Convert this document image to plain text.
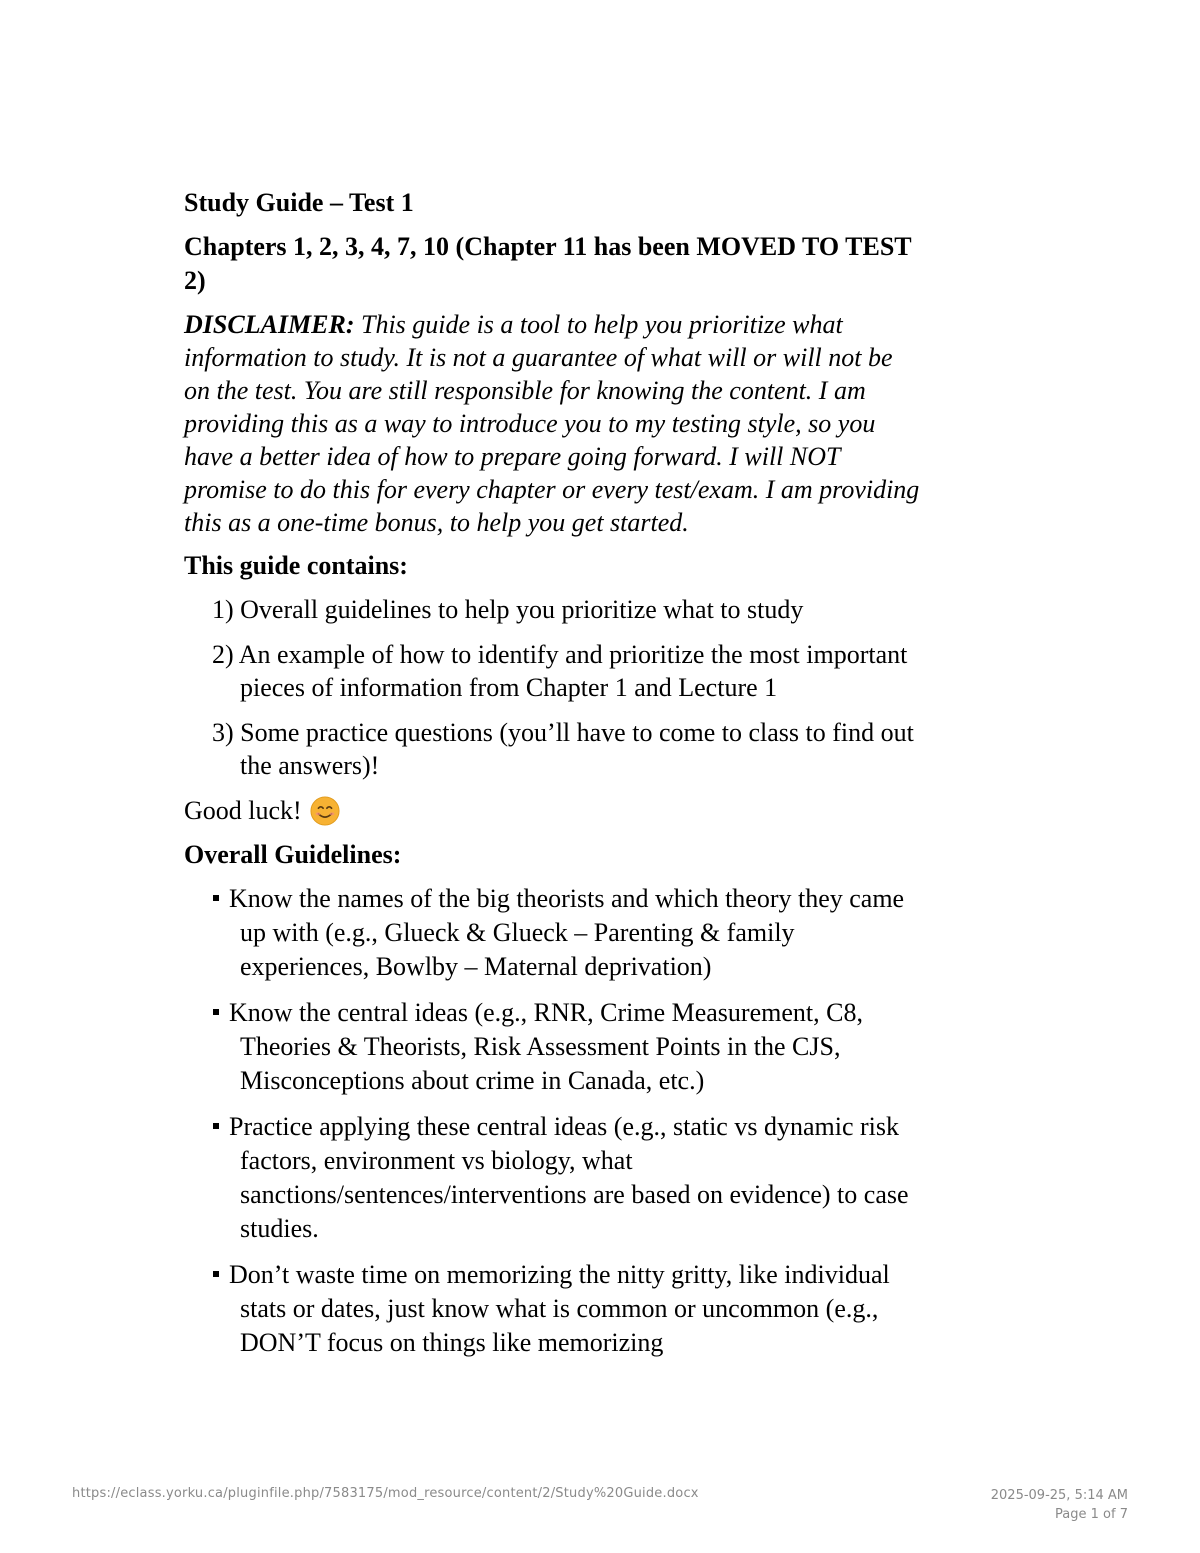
Study Guide – Test 1
Chapters 1, 2, 3, 4, 7, 10 (Chapter 11 has been MOVED TO TEST 2)
DISCLAIMER: This guide is a tool to help you prioritize what information to study. It is not a guarantee of what will or will not be on the test. You are still responsible for knowing the content. I am providing this as a way to introduce you to my testing style, so you have a better idea of how to prepare going forward. I will NOT promise to do this for every chapter or every test/exam. I am providing this as a one-time bonus, to help you get started.
This guide contains:
1) Overall guidelines to help you prioritize what to study
2) An example of how to identify and prioritize the most important pieces of information from Chapter 1 and Lecture 1
3) Some practice questions (you’ll have to come to class to find out the answers)!
Good luck!
Overall Guidelines:
Know the names of the big theorists and which theory they came up with (e.g., Glueck & Glueck – Parenting & family experiences, Bowlby – Maternal deprivation)
Know the central ideas (e.g., RNR, Crime Measurement, C8, Theories & Theorists, Risk Assessment Points in the CJS, Misconceptions about crime in Canada, etc.)
Practice applying these central ideas (e.g., static vs dynamic risk factors, environment vs biology, what sanctions/sentences/interventions are based on evidence) to case studies.
Don’t waste time on memorizing the nitty gritty, like individual stats or dates, just know what is common or uncommon (e.g., DON’T focus on things like memorizing
https://eclass.yorku.ca/pluginfile.php/7583175/mod_resource/content/2/Study%20Guide.docx	2025-09-25, 5:14 AM
Page 1 of 7
